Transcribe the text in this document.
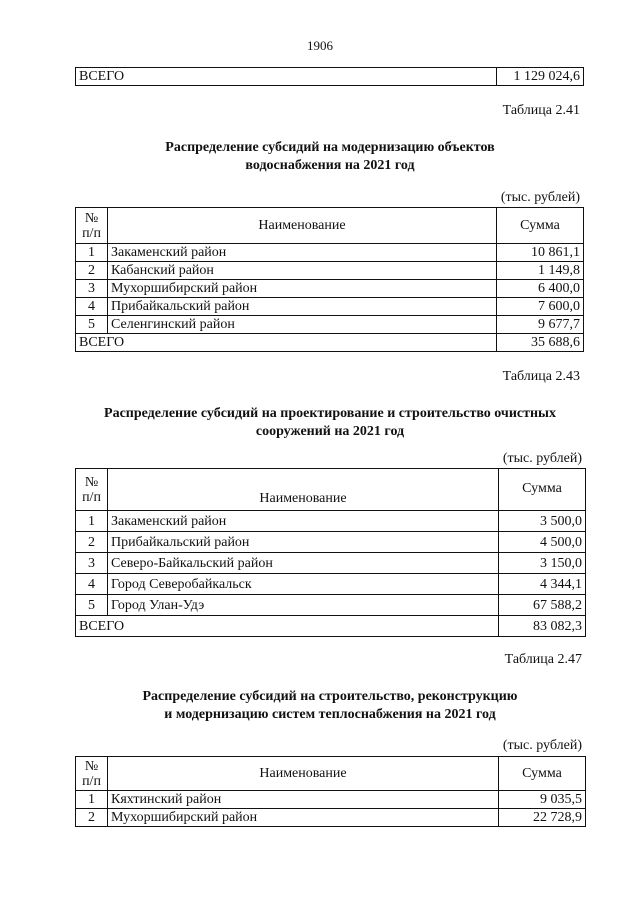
1906
ВСЕГО	1 129 024,6
Таблица 2.41
Распределение субсидий на модернизацию объектов
водоснабжения на 2021 год
(тыс. рублей)
№
п/п	Наименование	Сумма
1	Закаменский район	10 861,1
2	Кабанский район	1 149,8
3	Мухоршибирский район	6 400,0
4	Прибайкальский район	7 600,0
5	Селенгинский район	9 677,7
ВСЕГО		35 688,6
Таблица 2.43
Распределение субсидий на проектирование и строительство очистных
сооружений на 2021 год
(тыс. рублей)
№
п/п	Наименование	Сумма
1	Закаменский район	3 500,0
2	Прибайкальский район	4 500,0
3	Северо-Байкальский район	3 150,0
4	Город Северобайкальск	4 344,1
5	Город Улан-Удэ	67 588,2
ВСЕГО		83 082,3
Таблица 2.47
Распределение субсидий на строительство, реконструкцию
и модернизацию систем теплоснабжения на 2021 год
(тыс. рублей)
№
п/п	Наименование	Сумма
1	Кяхтинский район	9 035,5
2	Мухоршибирский район	22 728,9
